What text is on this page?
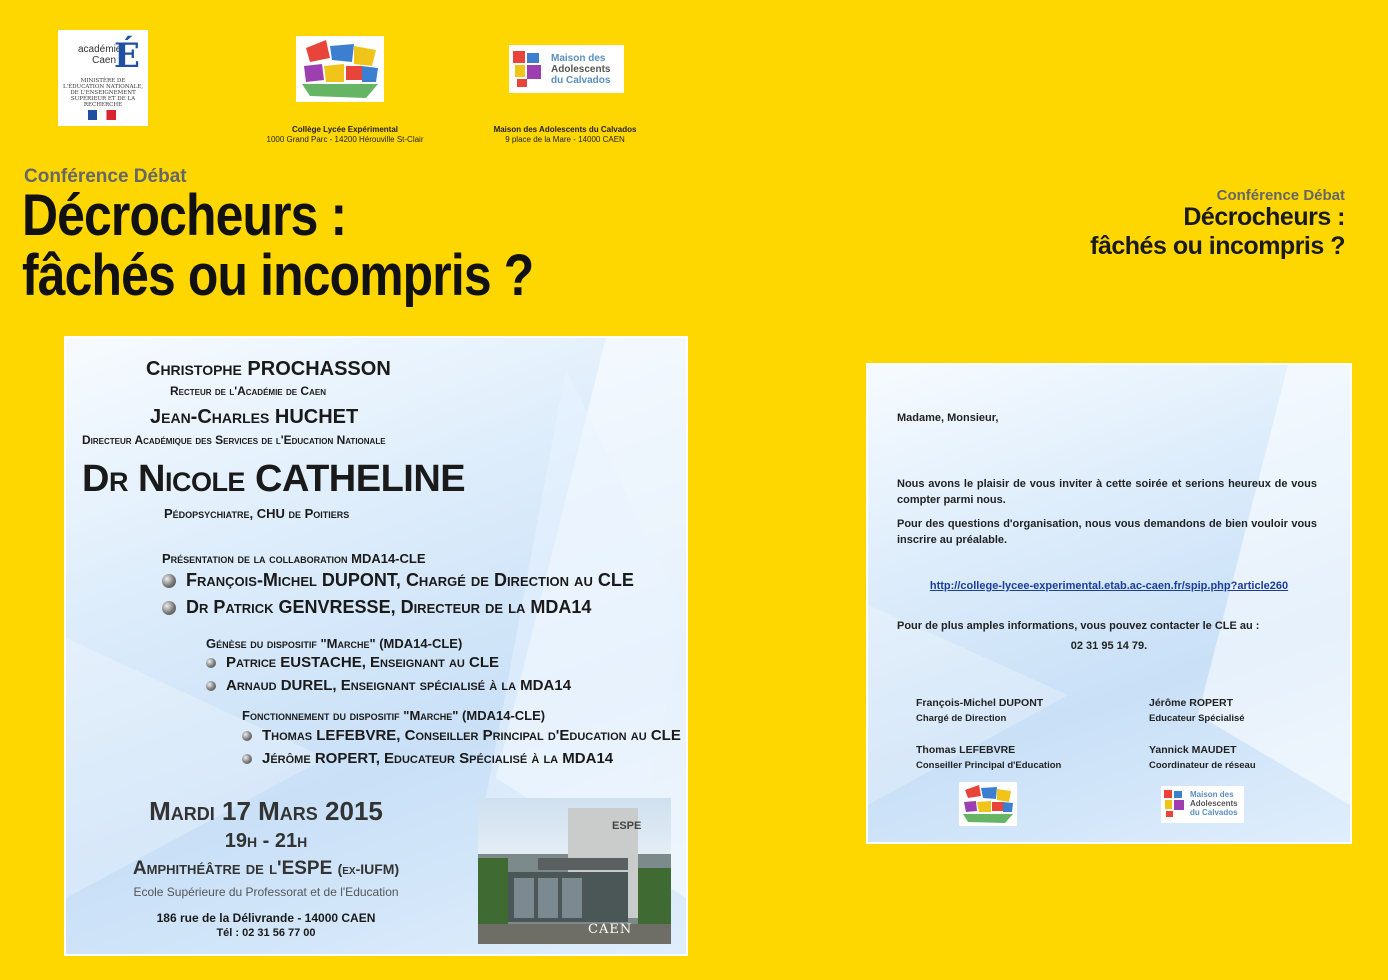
académie
Caen
É
MINISTÈRE DE L'ÉDUCATION NATIONALE, DE L'ENSEIGNEMENT SUPÉRIEUR ET DE LA RECHERCHE
Maison des
Adolescents
du Calvados
Collège Lycée Expérimental
1000 Grand Parc - 14200 Hérouville St-Clair
Maison des Adolescents du Calvados
9 place de la Mare - 14000 CAEN
Conférence Débat
Décrocheurs :
fâchés ou incompris ?
Conférence Débat
Décrocheurs :
fâchés ou incompris ?
Christophe PROCHASSON
Recteur de l'Académie de Caen
Jean-Charles HUCHET
Directeur Académique des Services de l'Education Nationale
Dr Nicole CATHELINE
Pédopsychiatre, CHU de Poitiers
Présentation de la collaboration MDA14-CLE
François-Michel DUPONT, Chargé de Direction au CLE
Dr Patrick GENVRESSE, Directeur de la MDA14
Génèse du dispositif "Marche" (MDA14-CLE)
Patrice EUSTACHE, Enseignant au CLE
Arnaud DUREL, Enseignant spécialisé à la MDA14
Fonctionnement du dispositif "Marche" (MDA14-CLE)
Thomas LEFEBVRE, Conseiller Principal d'Education au CLE
Jérôme ROPERT, Educateur Spécialisé à la MDA14
Mardi 17 Mars 2015
19h - 21h
Amphithéâtre de l'ESPE (ex-IUFM)
Ecole Supérieure du Professorat et de l'Education
186 rue de la Délivrande - 14000 CAEN
Tél : 02 31 56 77 00
ESPE
CAEN

Madame, Monsieur,

Nous avons le plaisir de vous inviter à cette soirée et serions heureux de vous compter parmi nous.

Pour des questions d'organisation, nous vous demandons de bien vouloir vous inscrire au préalable.

http://college-lycee-experimental.etab.ac-caen.fr/spip.php?article260

Pour de plus amples informations, vous pouvez contacter le CLE au :

02 31 95 14 79.

François-Michel DUPONT
Chargé de Direction
Jérôme ROPERT
Educateur Spécialisé
Thomas LEFEBVRE
Conseiller Principal d'Education
Yannick MAUDET
Coordinateur de réseau
Maison des
Adolescents
du Calvados
